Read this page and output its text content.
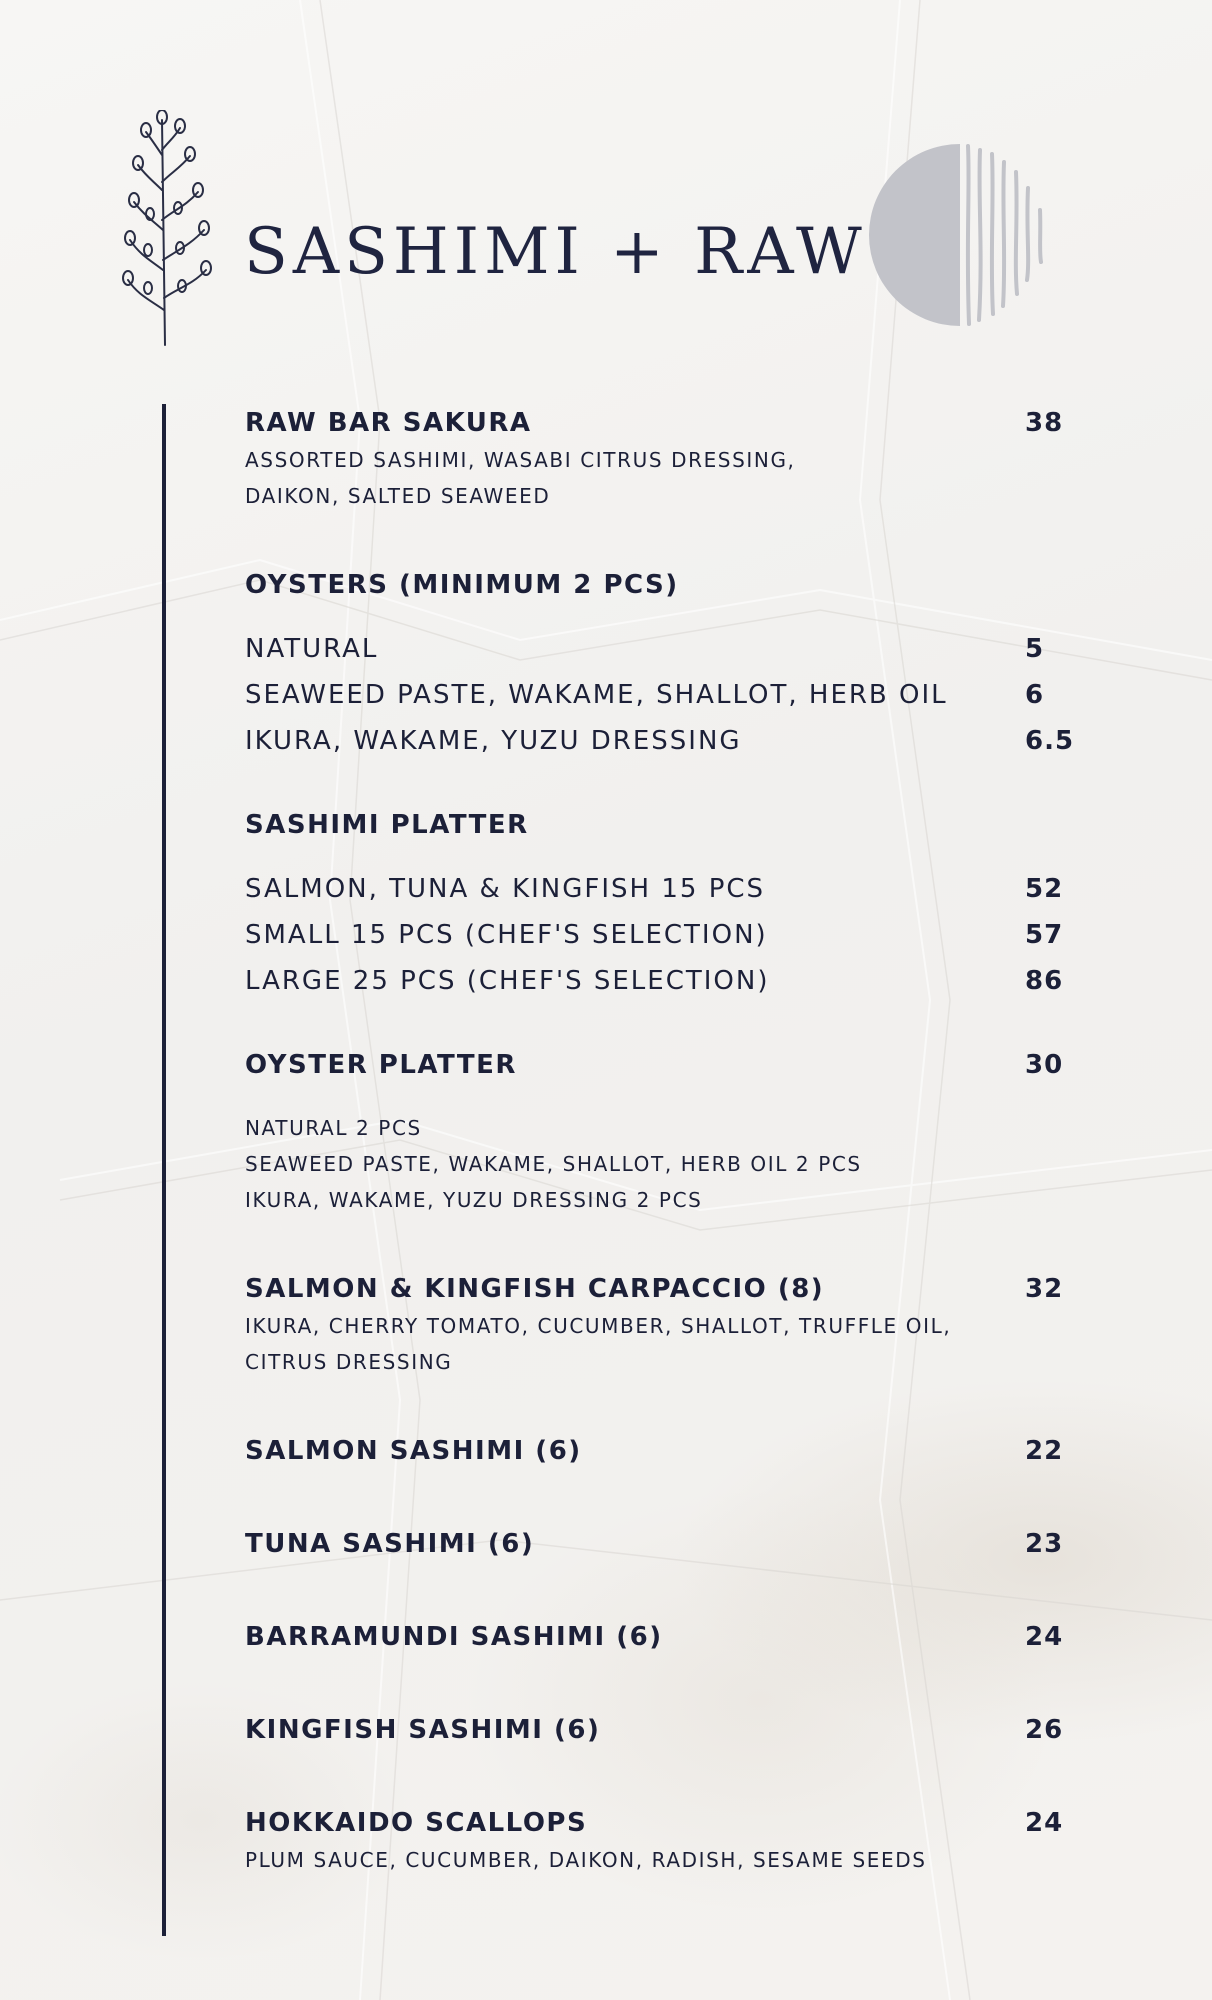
SASHIMI + RAW
RAW BAR SAKURA	38
ASSORTED SASHIMI, WASABI CITRUS DRESSING,
DAIKON, SALTED SEAWEED
OYSTERS (MINIMUM 2 PCS)
NATURAL	5
SEAWEED PASTE, WAKAME, SHALLOT, HERB OIL	6
IKURA, WAKAME, YUZU DRESSING	6.5
SASHIMI PLATTER
SALMON, TUNA & KINGFISH 15 PCS	52
SMALL 15 PCS (CHEF'S SELECTION)	57
LARGE 25 PCS (CHEF'S SELECTION)	86
OYSTER PLATTER	30
NATURAL 2 PCS
SEAWEED PASTE, WAKAME, SHALLOT, HERB OIL 2 PCS
IKURA, WAKAME, YUZU DRESSING 2 PCS
SALMON & KINGFISH CARPACCIO (8)	32
IKURA, CHERRY TOMATO, CUCUMBER, SHALLOT, TRUFFLE OIL,
CITRUS DRESSING
SALMON SASHIMI (6)	22
TUNA SASHIMI (6)	23
BARRAMUNDI SASHIMI (6)	24
KINGFISH SASHIMI (6)	26
HOKKAIDO SCALLOPS	24
PLUM SAUCE, CUCUMBER, DAIKON, RADISH, SESAME SEEDS
